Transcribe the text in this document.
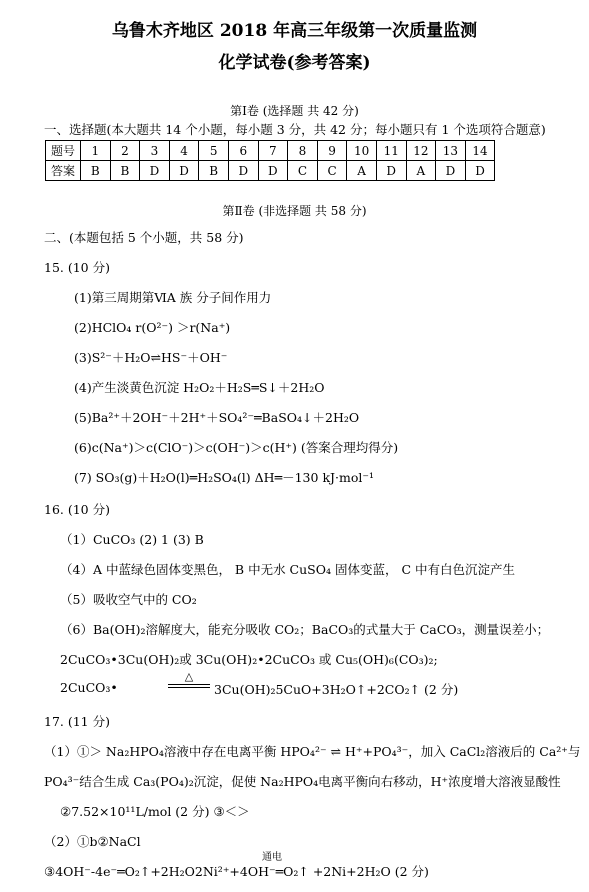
乌鲁木齐地区 2018 年高三年级第一次质量监测
化学试卷(参考答案)
第Ⅰ卷 (选择题 共 42 分)
一、选择题(本大题共 14 个小题，每小题 3 分，共 42 分；每小题只有 1 个选项符合题意)
题号	1	2	3	4	5	6	7	8	9	10	11	12	13	14
答案	B	B	D	D	B	D	D	C	C	A	D	A	D	D
第Ⅱ卷 (非选择题 共 58 分)
二、(本题包括 5 个小题，共 58 分)
15. (10 分)
(1)第三周期第ⅥA 族 分子间作用力
(2)HClO₄ r(O²⁻) ＞r(Na⁺)
(3)S²⁻＋H₂O⇌HS⁻＋OH⁻
(4)产生淡黄色沉淀 H₂O₂＋H₂S═S↓＋2H₂O
(5)Ba²⁺＋2OH⁻＋2H⁺＋SO₄²⁻═BaSO₄↓＋2H₂O
(6)c(Na⁺)＞c(ClO⁻)＞c(OH⁻)＞c(H⁺) (答案合理均得分)
(7) SO₃(g)＋H₂O(l)═H₂SO₄(l) ΔH═－130 kJ·mol⁻¹
16. (10 分)
（1）CuCO₃ (2) 1 (3) B
（4）A 中蓝绿色固体变黑色， B 中无水 CuSO₄ 固体变蓝， C 中有白色沉淀产生
（5）吸收空气中的 CO₂
（6）Ba(OH)₂溶解度大，能充分吸收 CO₂；BaCO₃的式量大于 CaCO₃，测量误差小；
2CuCO₃•3Cu(OH)₂或 3Cu(OH)₂•2CuCO₃ 或 Cu₅(OH)₆(CO₃)₂;
2CuCO₃•
△
3Cu(OH)₂5CuO+3H₂O↑+2CO₂↑ (2 分)
17. (11 分)
（1）①＞ Na₂HPO₄溶液中存在电离平衡 HPO₄²⁻ ⇌ H⁺+PO₄³⁻，加入 CaCl₂溶液后的 Ca²⁺与
PO₄³⁻结合生成 Ca₃(PO₄)₂沉淀，促使 Na₂HPO₄电离平衡向右移动，H⁺浓度增大溶液显酸性
②7.52×10¹¹L/mol (2 分) ③＜＞
（2）①b②NaCl
通电
③4OH⁻-4e⁻═O₂↑+2H₂O2Ni²⁺+4OH⁻═O₂↑ +2Ni+2H₂O (2 分)
